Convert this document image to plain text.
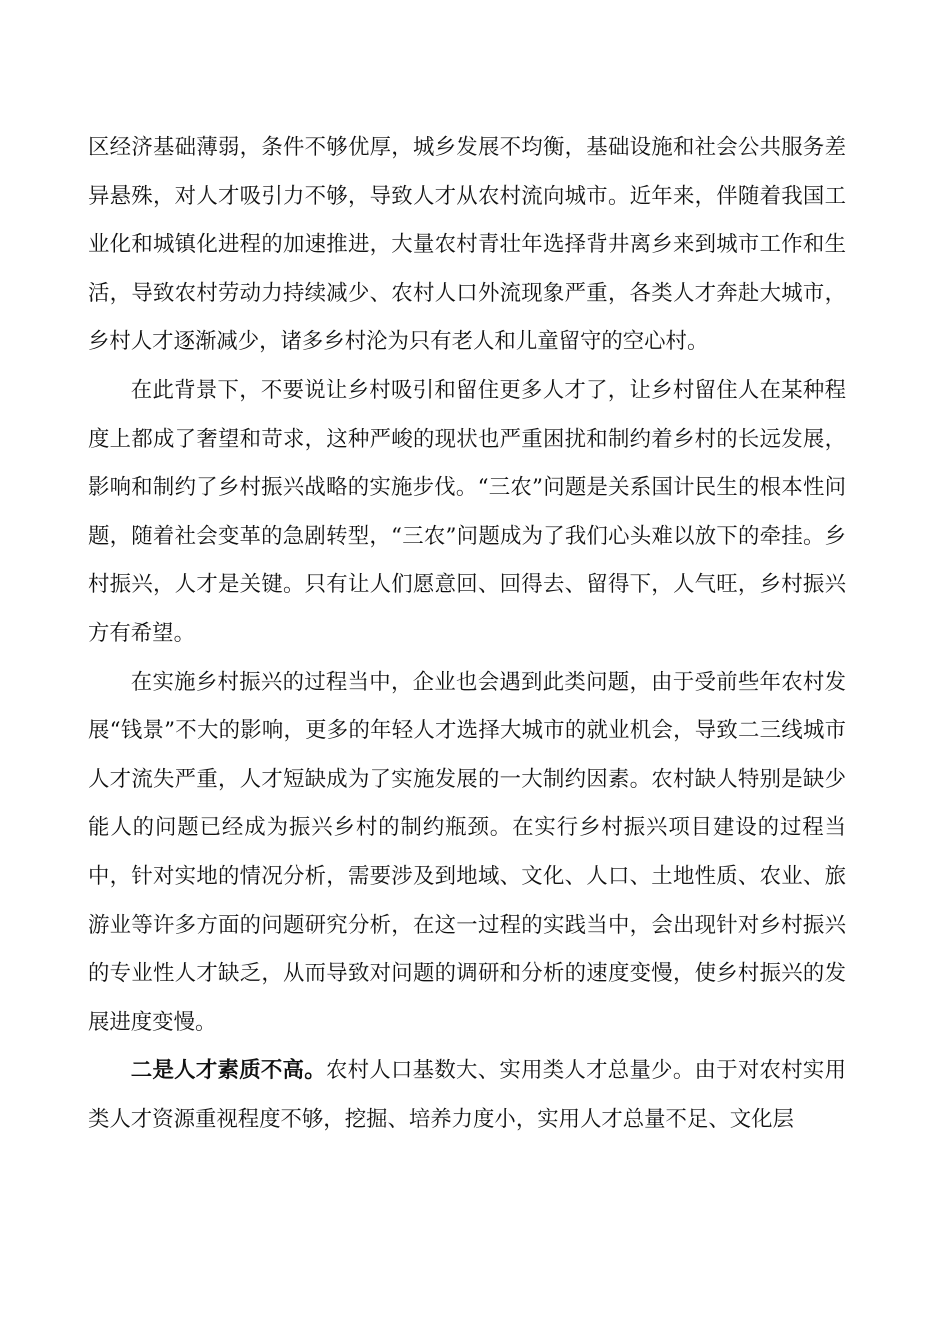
区经济基础薄弱，条件不够优厚，城乡发展不均衡，基础设施和社会公共服务差异悬殊，对人才吸引力不够，导致人才从农村流向城市。近年来，伴随着我国工业化和城镇化进程的加速推进，大量农村青壮年选择背井离乡来到城市工作和生活，导致农村劳动力持续减少、农村人口外流现象严重，各类人才奔赴大城市，乡村人才逐渐减少，诸多乡村沦为只有老人和儿童留守的空心村。

在此背景下，不要说让乡村吸引和留住更多人才了，让乡村留住人在某种程度上都成了奢望和苛求，这种严峻的现状也严重困扰和制约着乡村的长远发展，影响和制约了乡村振兴战略的实施步伐。“三农”问题是关系国计民生的根本性问题，随着社会变革的急剧转型，“三农”问题成为了我们心头难以放下的牵挂。乡村振兴，人才是关键。只有让人们愿意回、回得去、留得下，人气旺，乡村振兴方有希望。

在实施乡村振兴的过程当中，企业也会遇到此类问题，由于受前些年农村发展“钱景”不大的影响，更多的年轻人才选择大城市的就业机会，导致二三线城市人才流失严重，人才短缺成为了实施发展的一大制约因素。农村缺人特别是缺少能人的问题已经成为振兴乡村的制约瓶颈。在实行乡村振兴项目建设的过程当中，针对实地的情况分析，需要涉及到地域、文化、人口、土地性质、农业、旅游业等许多方面的问题研究分析，在这一过程的实践当中，会出现针对乡村振兴的专业性人才缺乏，从而导致对问题的调研和分析的速度变慢，使乡村振兴的发展进度变慢。

二是人才素质不高。农村人口基数大、实用类人才总量少。由于对农村实用类人才资源重视程度不够，挖掘、培养力度小，实用人才总量不足、文化层
